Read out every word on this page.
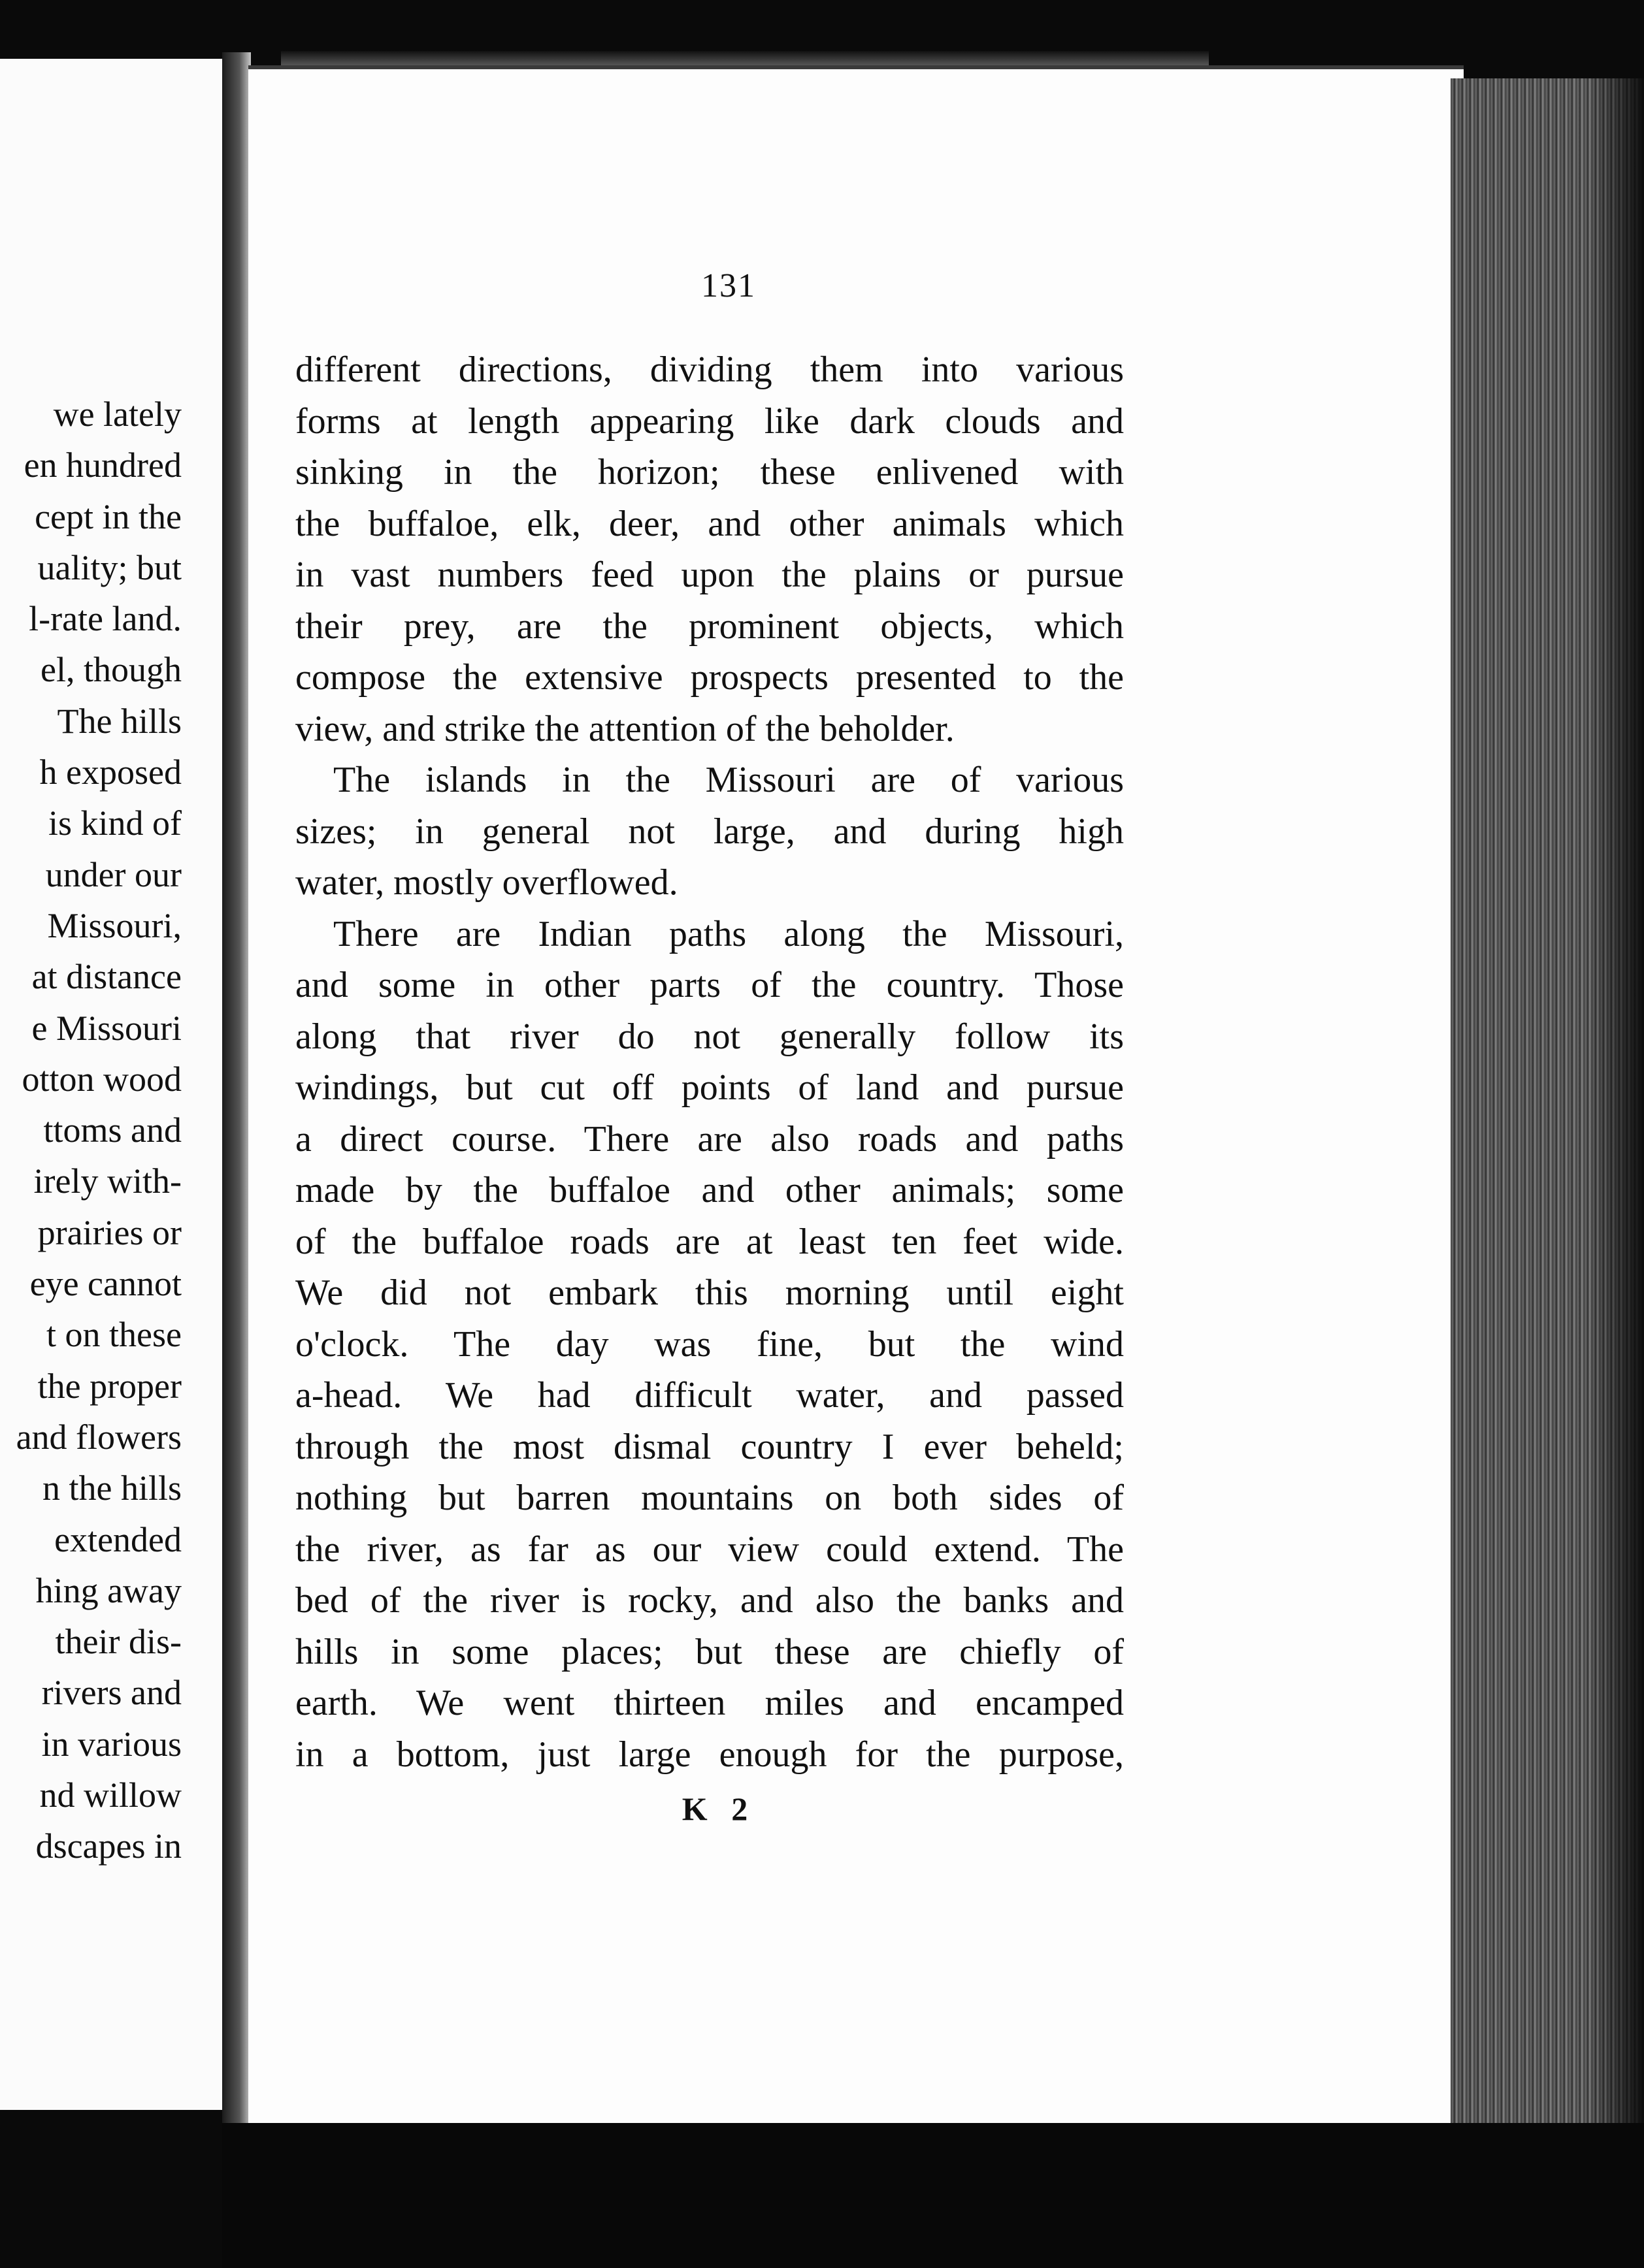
we lately
en hundred
cept in the
uality; but
l-rate land.
el, though
The hills
h exposed
is kind of
under our
Missouri,
at distance
e Missouri
otton wood
ttoms and
irely with-
prairies or
eye cannot
t on these
the proper
and flowers
n the hills
extended
hing away
their dis-
rivers and
in various
nd willow
dscapes in
131
different directions, dividing them into various
forms at length appearing like dark clouds and
sinking in the horizon; these enlivened with
the buffaloe, elk, deer, and other animals which
in vast numbers feed upon the plains or pursue
their prey, are the prominent objects, which
compose the extensive prospects presented to the
view, and strike the attention of the beholder.
The islands in the Missouri are of various
sizes; in general not large, and during high
water, mostly overflowed.
There are Indian paths along the Missouri,
and some in other parts of the country. Those
along that river do not generally follow its
windings, but cut off points of land and pursue
a direct course. There are also roads and paths
made by the buffaloe and other animals; some
of the buffaloe roads are at least ten feet wide.
We did not embark this morning until eight
o'clock. The day was fine, but the wind
a-head. We had difficult water, and passed
through the most dismal country I ever beheld;
nothing but barren mountains on both sides of
the river, as far as our view could extend. The
bed of the river is rocky, and also the banks and
hills in some places; but these are chiefly of
earth. We went thirteen miles and encamped
in a bottom, just large enough for the purpose,
K 2
